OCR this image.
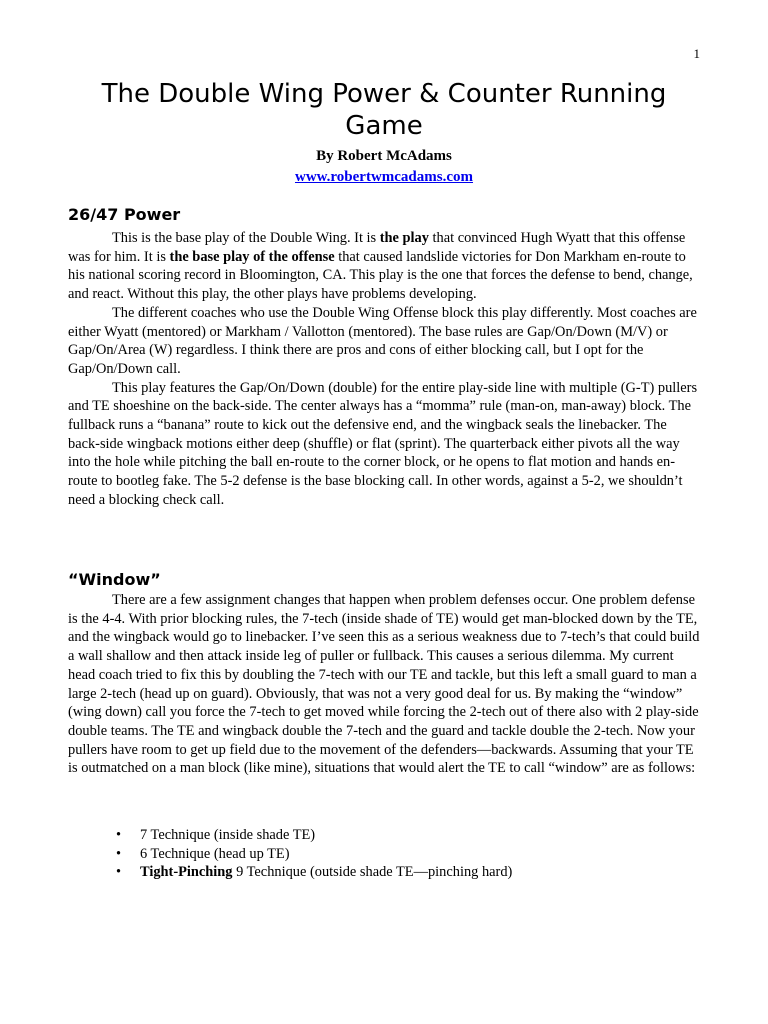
1
The Double Wing Power & Counter Running Game
By Robert McAdams
www.robertwmcadams.com
26/47 Power

This is the base play of the Double Wing. It is the play that convinced Hugh Wyatt that this offense was for him. It is the base play of the offense that caused landslide victories for Don Markham en-route to his national scoring record in Bloomington, CA. This play is the one that forces the defense to bend, change, and react. Without this play, the other plays have problems developing.

The different coaches who use the Double Wing Offense block this play differently. Most coaches are either Wyatt (mentored) or Markham / Vallotton (mentored). The base rules are Gap/On/Down (M/V) or Gap/On/Area (W) regardless. I think there are pros and cons of either blocking call, but I opt for the Gap/On/Down call.

This play features the Gap/On/Down (double) for the entire play-side line with multiple (G-T) pullers and TE shoeshine on the back-side. The center always has a “momma” rule (man-on, man-away) block. The fullback runs a “banana” route to kick out the defensive end, and the wingback seals the linebacker. The back-side wingback motions either deep (shuffle) or flat (sprint). The quarterback either pivots all the way into the hole while pitching the ball en-route to the corner block, or he opens to flat motion and hands en-route to bootleg fake. The 5-2 defense is the base blocking call. In other words, against a 5-2, we shouldn’t need a blocking check call.

“Window”

There are a few assignment changes that happen when problem defenses occur. One problem defense is the 4-4. With prior blocking rules, the 7-tech (inside shade of TE) would get man-blocked down by the TE, and the wingback would go to linebacker. I’ve seen this as a serious weakness due to 7-tech’s that could build a wall shallow and then attack inside leg of puller or fullback. This causes a serious dilemma. My current head coach tried to fix this by doubling the 7-tech with our TE and tackle, but this left a small guard to man a large 2-tech (head up on guard). Obviously, that was not a very good deal for us. By making the “window” (wing down) call you force the 7-tech to get moved while forcing the 2-tech out of there also with 2 play-side double teams. The TE and wingback double the 7-tech and the guard and tackle double the 2-tech. Now your pullers have room to get up field due to the movement of the defenders—backwards. Assuming that your TE is outmatched on a man block (like mine), situations that would alert the TE to call “window” are as follows:

• 7 Technique (inside shade TE)
• 6 Technique (head up TE)
• Tight-Pinching 9 Technique (outside shade TE—pinching hard)
